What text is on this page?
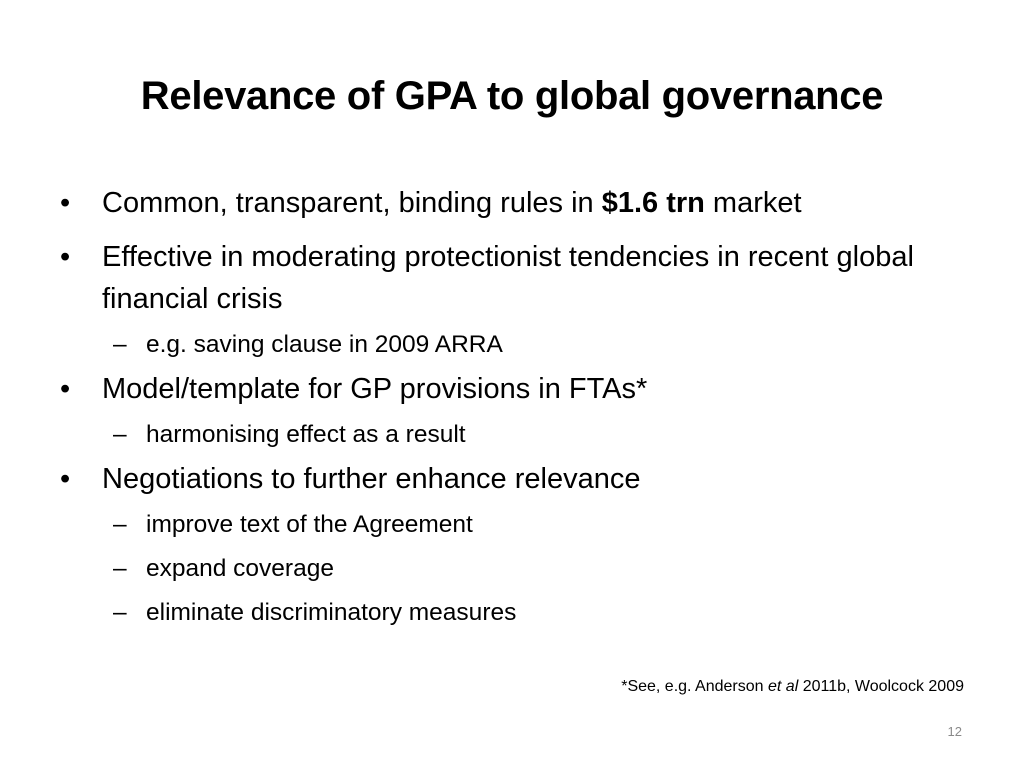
Relevance of GPA to global governance

• Common, transparent, binding rules in $1.6 trn market

• Effective in moderating protectionist tendencies in recent global financial crisis

– e.g. saving clause in 2009 ARRA

• Model/template for GP provisions in FTAs*

– harmonising effect as a result

• Negotiations to further enhance relevance

– improve text of the Agreement

– expand coverage

– eliminate discriminatory measures

*See, e.g. Anderson et al 2011b, Woolcock 2009
12
